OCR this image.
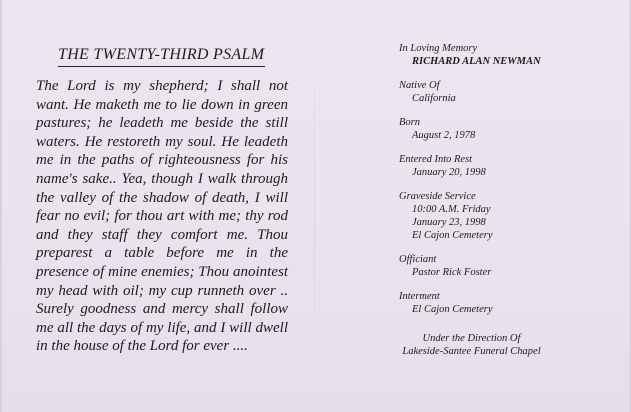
THE TWENTY-THIRD PSALM

The Lord is my shepherd; I shall not want. He maketh me to lie down in green pastures; he leadeth me beside the still waters. He restoreth my soul. He leadeth me in the paths of righteousness for his name's sake.. Yea, though I walk through the valley of the shadow of death, I will fear no evil; for thou art with me; thy rod and they staff they comfort me. Thou preparest a table before me in the presence of mine enemies; Thou anointest my head with oil; my cup runneth over .. Surely goodness and mercy shall follow me all the days of my life, and I will dwell in the house of the Lord for ever ....

In Loving Memory
RICHARD ALAN NEWMAN
Native Of
California
Born
August 2, 1978
Entered Into Rest
January 20, 1998
Graveside Service
10:00 A.M. Friday
January 23, 1998
El Cajon Cemetery
Officiant
Pastor Rick Foster
Interment
El Cajon Cemetery
Under the Direction Of
Lakeside-Santee Funeral Chapel
